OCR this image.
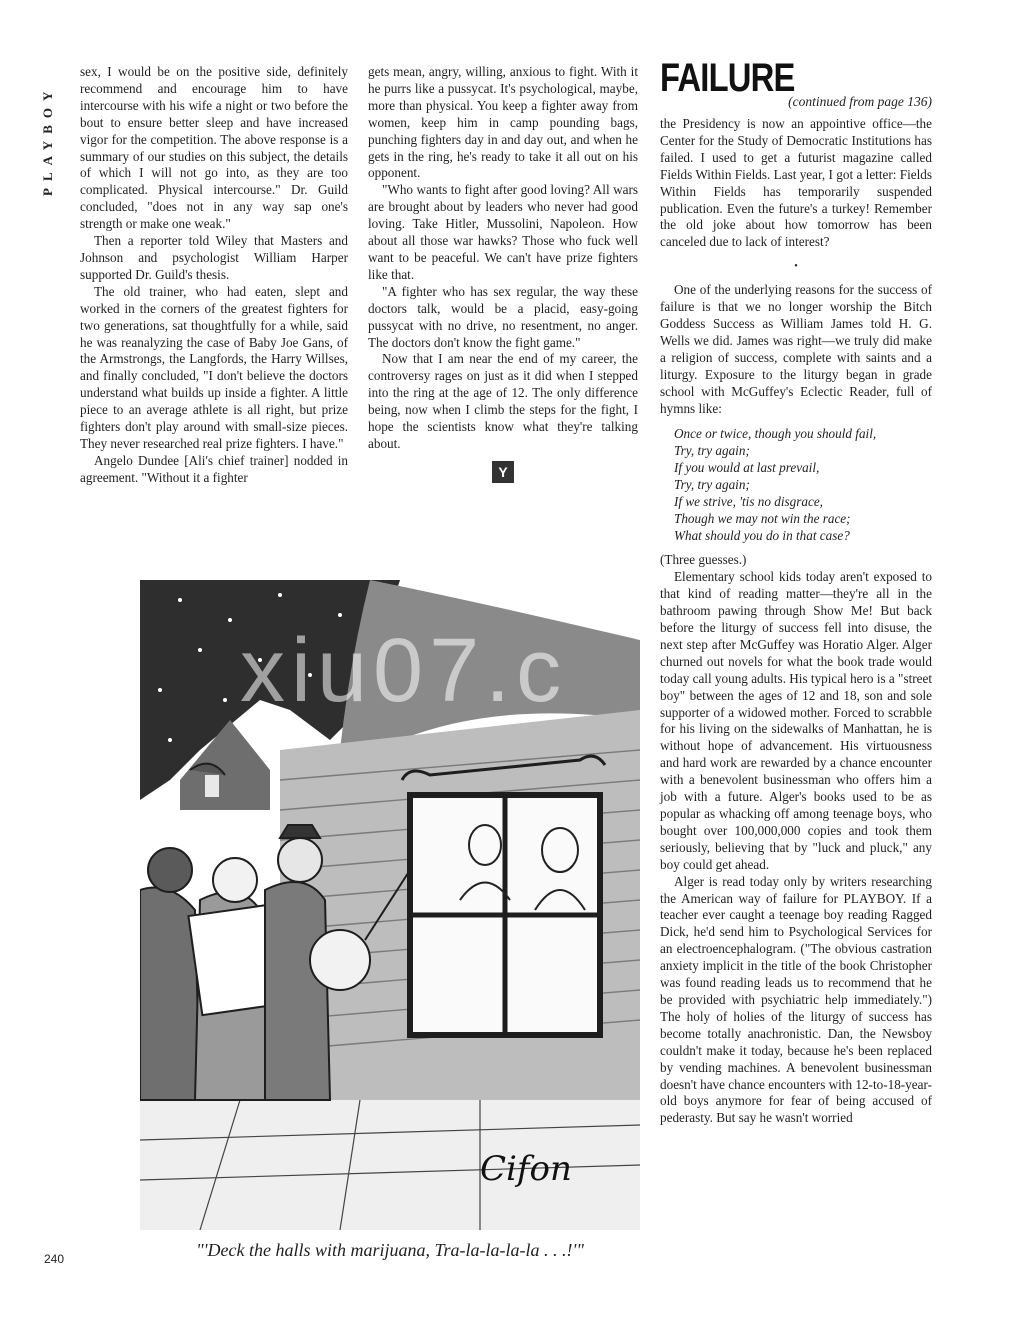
PLAYBOY

sex, I would be on the positive side, definitely recommend and encourage him to have intercourse with his wife a night or two before the bout to ensure better sleep and have increased vigor for the competition. The above response is a summary of our studies on this subject, the details of which I will not go into, as they are too complicated. Physical intercourse." Dr. Guild concluded, "does not in any way sap one's strength or make one weak."

Then a reporter told Wiley that Masters and Johnson and psychologist William Harper supported Dr. Guild's thesis.

The old trainer, who had eaten, slept and worked in the corners of the greatest fighters for two generations, sat thoughtfully for a while, said he was reanalyzing the case of Baby Joe Gans, of the Armstrongs, the Langfords, the Harry Willses, and finally concluded, "I don't believe the doctors understand what builds up inside a fighter. A little piece to an average athlete is all right, but prize fighters don't play around with small-size pieces. They never researched real prize fighters. I have."

Angelo Dundee [Ali's chief trainer] nodded in agreement. "Without it a fighter

gets mean, angry, willing, anxious to fight. With it he purrs like a pussycat. It's psychological, maybe, more than physical. You keep a fighter away from women, keep him in camp pounding bags, punching fighters day in and day out, and when he gets in the ring, he's ready to take it all out on his opponent.

"Who wants to fight after good loving? All wars are brought about by leaders who never had good loving. Take Hitler, Mussolini, Napoleon. How about all those war hawks? Those who fuck well want to be peaceful. We can't have prize fighters like that.

"A fighter who has sex regular, the way these doctors talk, would be a placid, easy-going pussycat with no drive, no resentment, no anger. The doctors don't know the fight game."

Now that I am near the end of my career, the controversy rages on just as it did when I stepped into the ring at the age of 12. The only difference being, now when I climb the steps for the fight, I hope the scientists know what they're talking about.

Y
FAILURE
(continued from page 136)

the Presidency is now an appointive office—the Center for the Study of Democratic Institutions has failed. I used to get a futurist magazine called Fields Within Fields. Last year, I got a letter: Fields Within Fields has temporarily suspended publication. Even the future's a turkey! Remember the old joke about how tomorrow has been canceled due to lack of interest?

•

One of the underlying reasons for the success of failure is that we no longer worship the Bitch Goddess Success as William James told H. G. Wells we did. James was right—we truly did make a religion of success, complete with saints and a liturgy. Exposure to the liturgy began in grade school with McGuffey's Eclectic Reader, full of hymns like:

Once or twice, though you should fail,
Try, try again;
If you would at last prevail,
Try, try again;
If we strive, 'tis no disgrace,
Though we may not win the race;
What should you do in that case?

(Three guesses.)

Elementary school kids today aren't exposed to that kind of reading matter—they're all in the bathroom pawing through Show Me! But back before the liturgy of success fell into disuse, the next step after McGuffey was Horatio Alger. Alger churned out novels for what the book trade would today call young adults. His typical hero is a "street boy" between the ages of 12 and 18, son and sole supporter of a widowed mother. Forced to scrabble for his living on the sidewalks of Manhattan, he is without hope of advancement. His virtuousness and hard work are rewarded by a chance encounter with a benevolent businessman who offers him a job with a future. Alger's books used to be as popular as whacking off among teenage boys, who bought over 100,000,000 copies and took them seriously, believing that by "luck and pluck," any boy could get ahead.

Alger is read today only by writers researching the American way of failure for PLAYBOY. If a teacher ever caught a teenage boy reading Ragged Dick, he'd send him to Psychological Services for an electroencephalogram. ("The obvious castration anxiety implicit in the title of the book Christopher was found reading leads us to recommend that he be provided with psychiatric help immediately.") The holy of holies of the liturgy of success has become totally anachronistic. Dan, the Newsboy couldn't make it today, because he's been replaced by vending machines. A benevolent businessman doesn't have chance encounters with 12-to-18-year-old boys anymore for fear of being accused of pederasty. But say he wasn't worried

Cifon
xiu07.c
"'Deck the halls with marijuana, Tra-la-la-la-la . . .!'"
240
